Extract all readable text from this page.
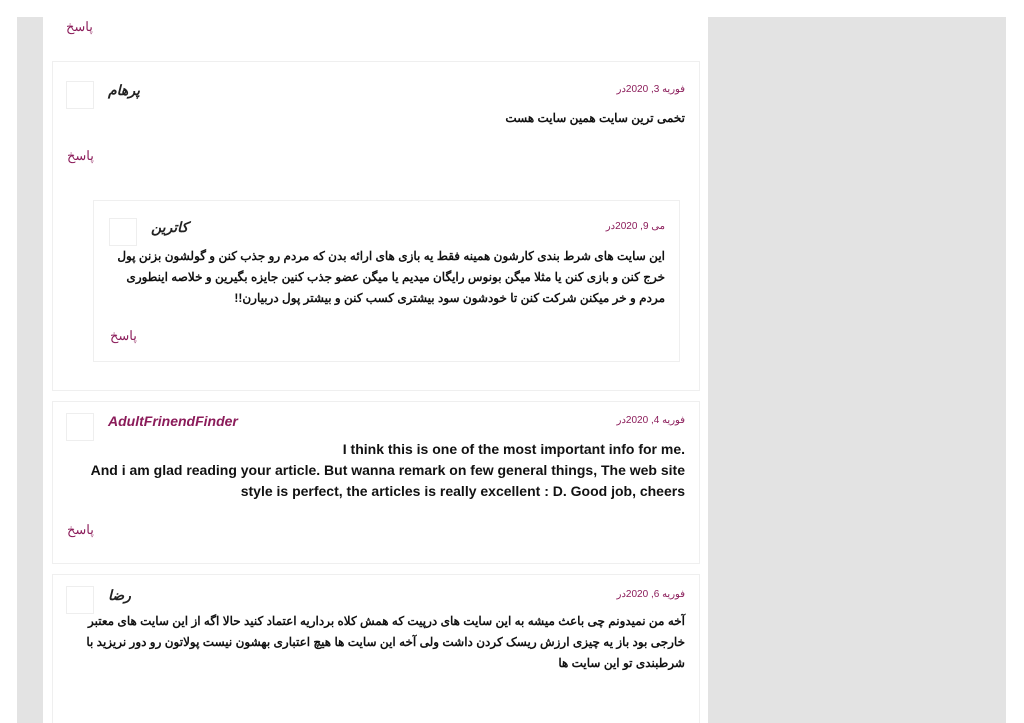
پاسخ
پرهام	فوریه 3, 2020در
تخمی ترین سایت همین سایت هست
پاسخ
کاترین	می 9, 2020در
این سایت های شرط بندی کارشون همینه فقط یه بازی های ارائه بدن که مردم رو جذب کنن و گولشون بزنن پول خرج کنن و بازی کنن یا مثلا میگن بونوس رایگان میدیم یا میگن عضو جذب کنین جایزه بگیرین و خلاصه اینطوری مردم و خر میکنن شرکت کنن تا خودشون سود بیشتری کسب کنن و بیشتر پول دربیارن!!
پاسخ
AdultFrinendFinder	فوریه 4, 2020در

I think this is one of the most important info for me.

And i am glad reading your article. But wanna remark on few general things, The web site style is perfect, the articles is really excellent : D. Good job, cheers

پاسخ
رضا	فوریه 6, 2020در
آخه من نمیدونم چی باعث میشه به این سایت های درپیت که همش کلاه برداریه اعتماد کنید حالا اگه از این سایت های معتبر خارجی بود باز یه چیزی ارزش ریسک کردن داشت ولی آخه این سایت ها هیچ اعتباری بهشون نیست پولاتون رو دور نریزید با شرطبندی تو این سایت ها
